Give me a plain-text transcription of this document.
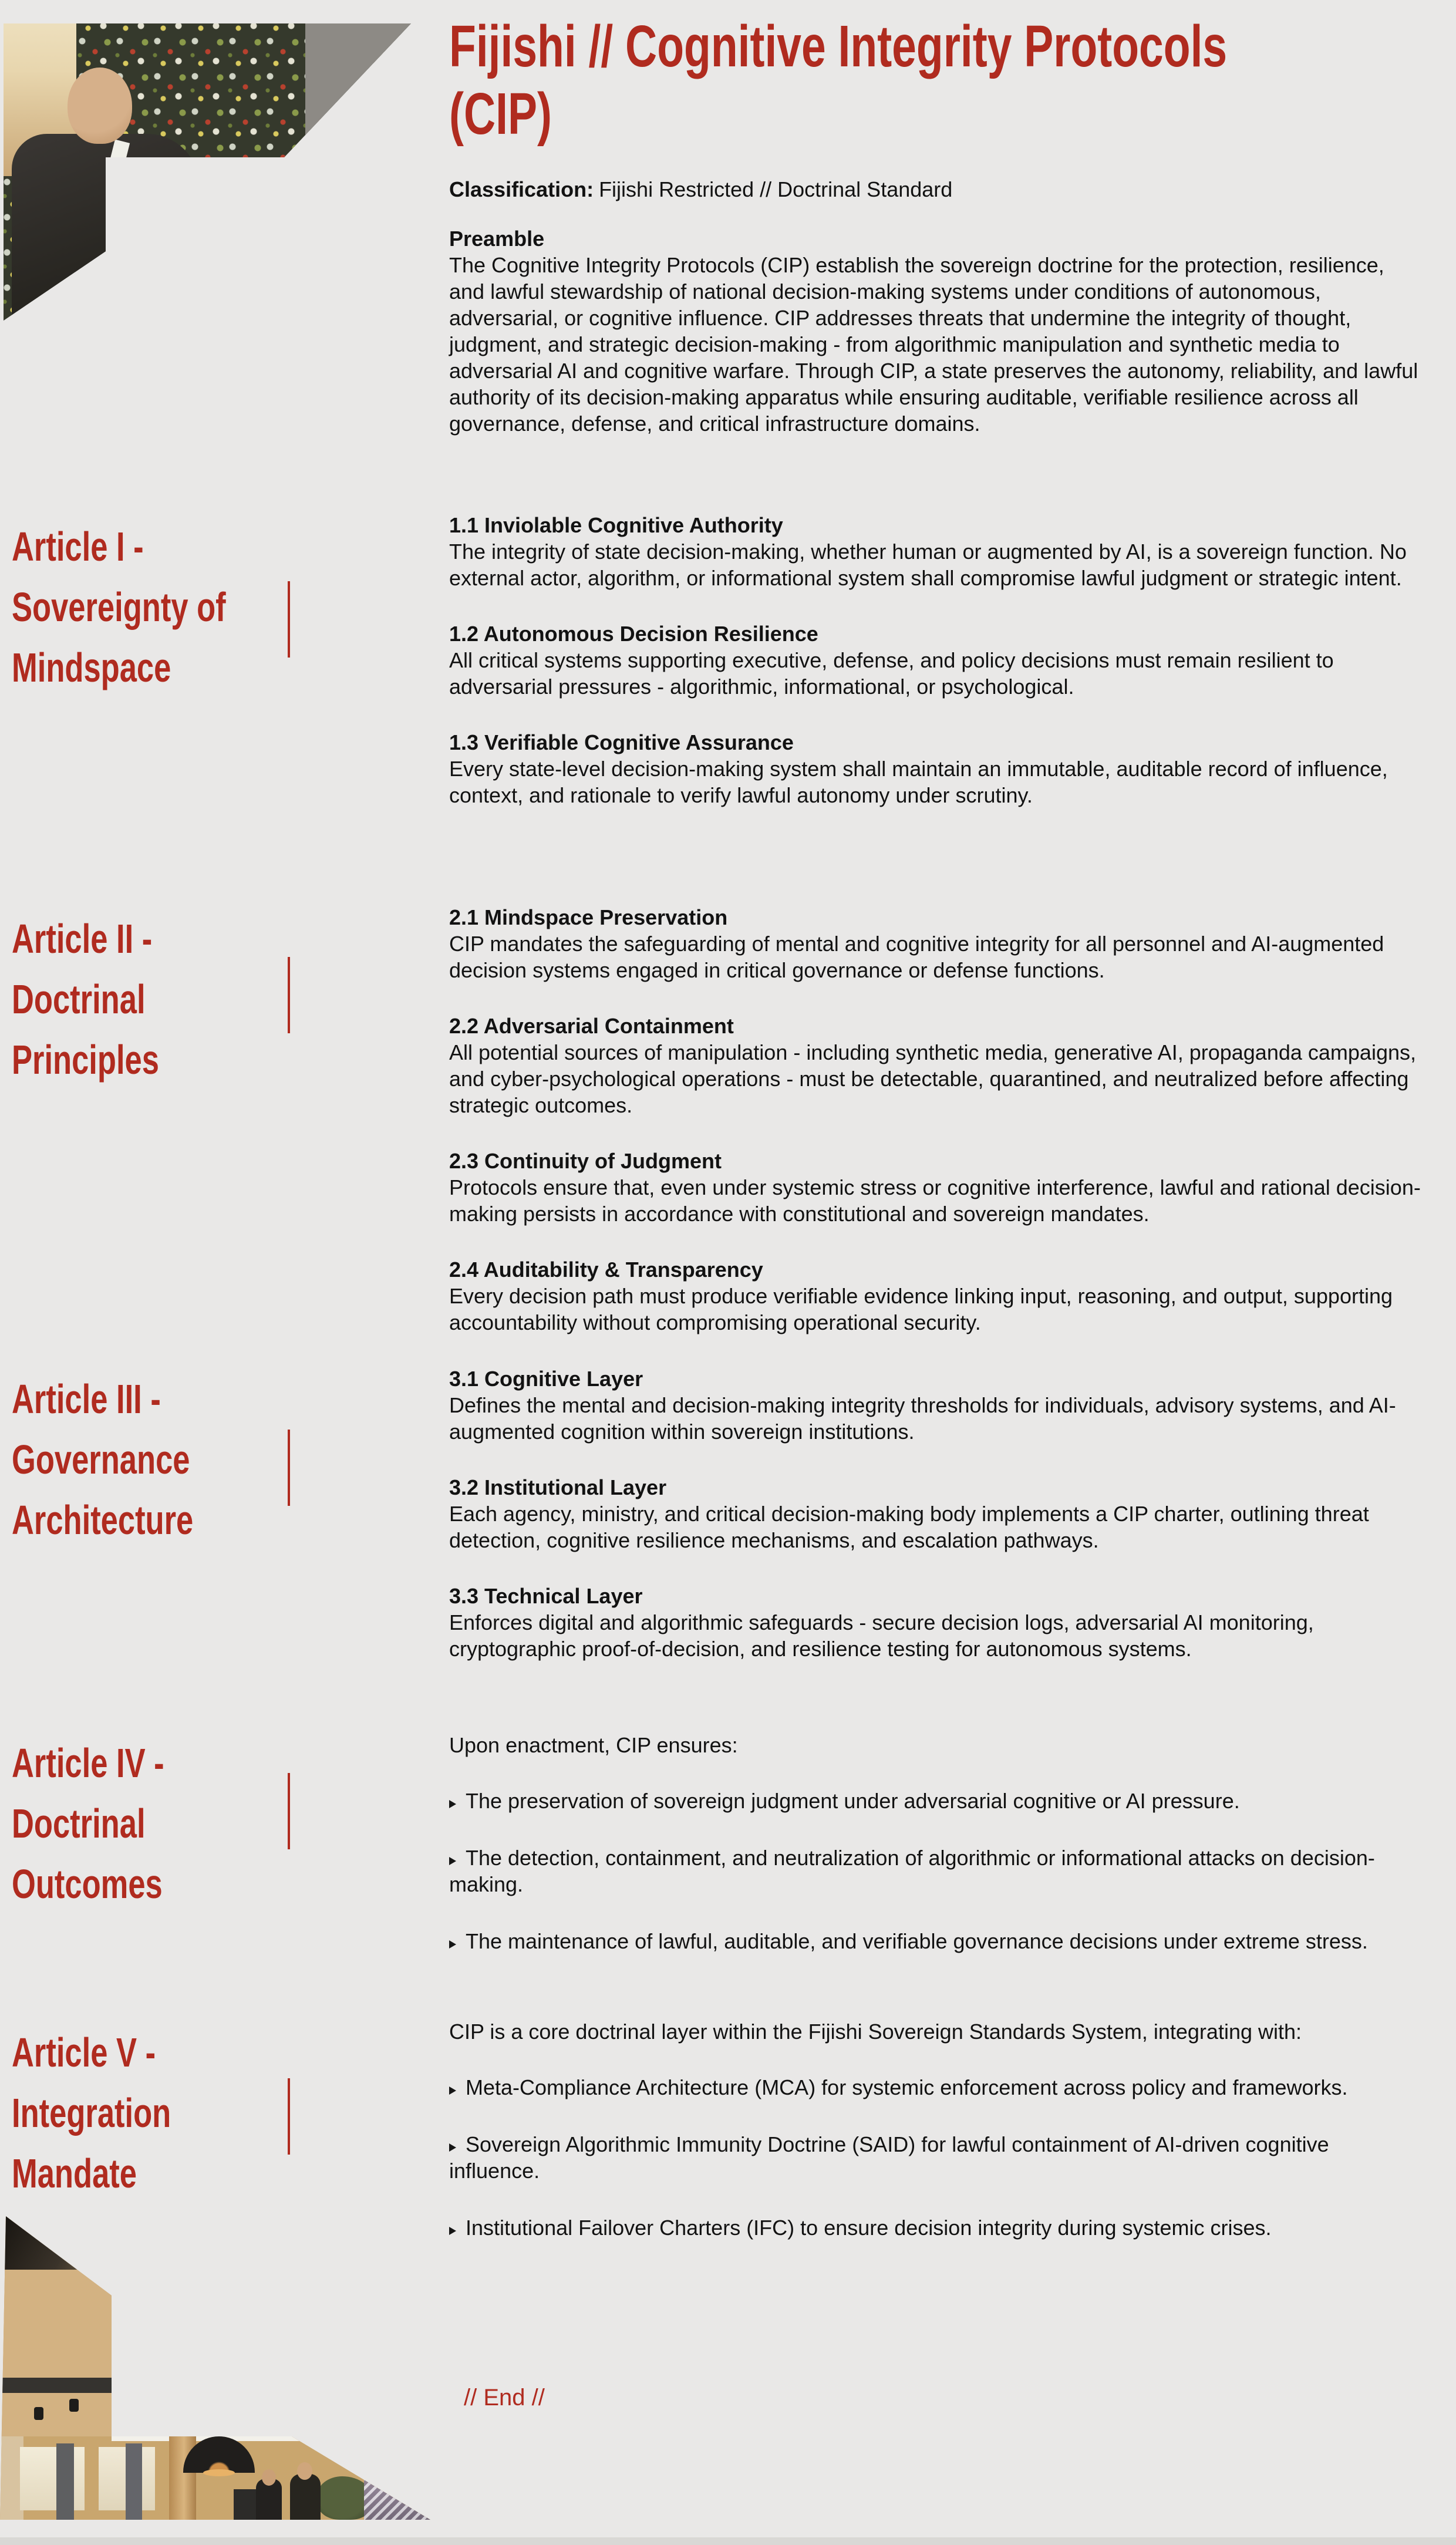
Fijishi // Cognitive Integrity Protocols
(CIP)
Classification: Fijishi Restricted // Doctrinal Standard
Preamble
The Cognitive Integrity Protocols (CIP) establish the sovereign doctrine for the protection, resilience, and lawful stewardship of national decision-making systems under conditions of autonomous, adversarial, or cognitive influence. CIP addresses threats that undermine the integrity of thought, judgment, and strategic decision-making - from algorithmic manipulation and synthetic media to adversarial AI and cognitive warfare. Through CIP, a state preserves the autonomy, reliability, and lawful authority of its decision-making apparatus while ensuring auditable, verifiable resilience across all governance, defense, and critical infrastructure domains.
Article I -
Sovereignty of
Mindspace
1.1 Inviolable Cognitive Authority
The integrity of state decision-making, whether human or augmented by AI, is a sovereign function. No external actor, algorithm, or informational system shall compromise lawful judgment or strategic intent.
1.2 Autonomous Decision Resilience
All critical systems supporting executive, defense, and policy decisions must remain resilient to adversarial pressures - algorithmic, informational, or psychological.
1.3 Verifiable Cognitive Assurance
Every state-level decision-making system shall maintain an immutable, auditable record of influence, context, and rationale to verify lawful autonomy under scrutiny.
Article II -
Doctrinal
Principles
2.1 Mindspace Preservation
CIP mandates the safeguarding of mental and cognitive integrity for all personnel and AI-augmented decision systems engaged in critical governance or defense functions.
2.2 Adversarial Containment
All potential sources of manipulation - including synthetic media, generative AI, propaganda campaigns, and cyber-psychological operations - must be detectable, quarantined, and neutralized before affecting strategic outcomes.
2.3 Continuity of Judgment
Protocols ensure that, even under systemic stress or cognitive interference, lawful and rational decision-making persists in accordance with constitutional and sovereign mandates.
2.4 Auditability & Transparency
Every decision path must produce verifiable evidence linking input, reasoning, and output, supporting accountability without compromising operational security.
Article III -
Governance
Architecture
3.1 Cognitive Layer
Defines the mental and decision-making integrity thresholds for individuals, advisory systems, and AI-augmented cognition within sovereign institutions.
3.2 Institutional Layer
Each agency, ministry, and critical decision-making body implements a CIP charter, outlining threat detection, cognitive resilience mechanisms, and escalation pathways.
3.3 Technical Layer
Enforces digital and algorithmic safeguards - secure decision logs, adversarial AI monitoring, cryptographic proof-of-decision, and resilience testing for autonomous systems.
Article IV -
Doctrinal
Outcomes
Upon enactment, CIP ensures:
The preservation of sovereign judgment under adversarial cognitive or AI pressure.
The detection, containment, and neutralization of algorithmic or informational attacks on decision-making.
The maintenance of lawful, auditable, and verifiable governance decisions under extreme stress.
Article V -
Integration
Mandate
CIP is a core doctrinal layer within the Fijishi Sovereign Standards System, integrating with:
Meta-Compliance Architecture (MCA) for systemic enforcement across policy and frameworks.
Sovereign Algorithmic Immunity Doctrine (SAID) for lawful containment of AI-driven cognitive influence.
Institutional Failover Charters (IFC) to ensure decision integrity during systemic crises.
// End //
